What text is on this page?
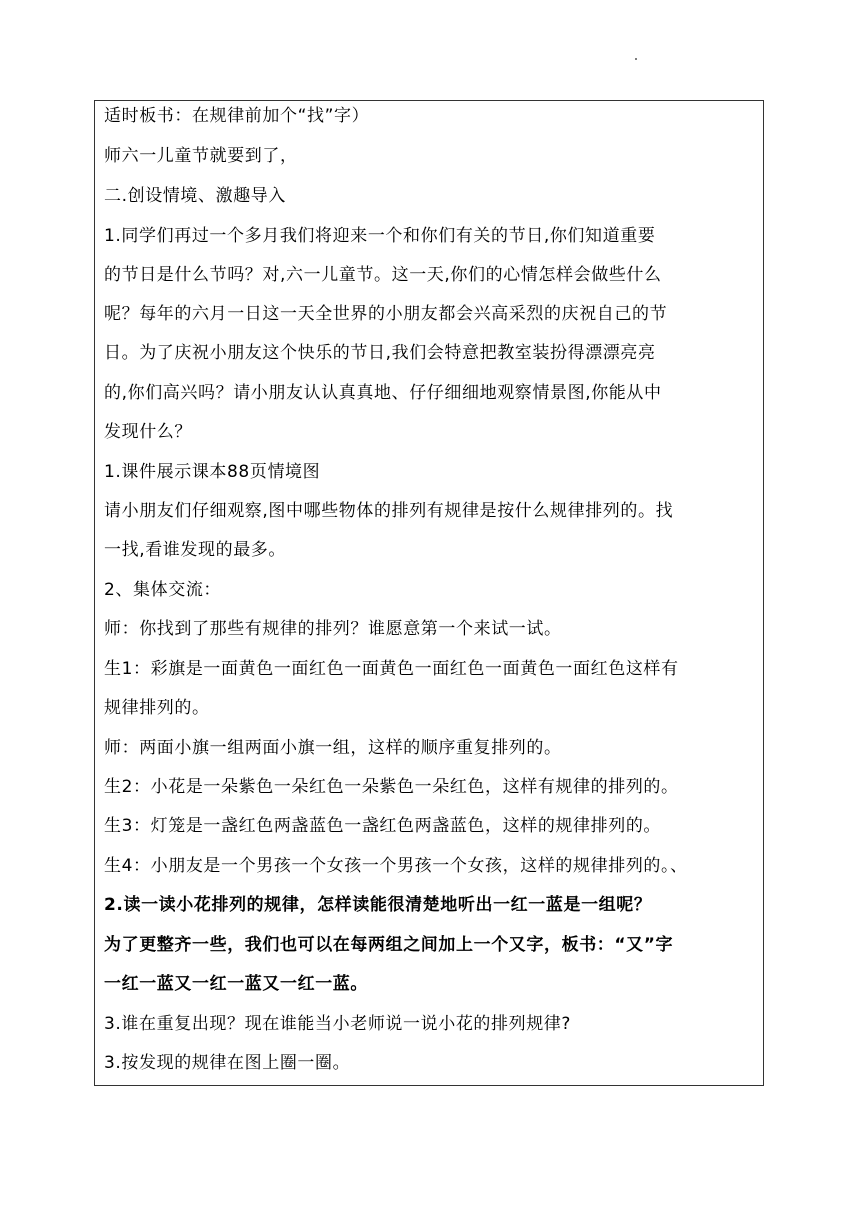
适时板书：在规律前加个“找”字）
师六一儿童节就要到了，
二.创设情境、激趣导入
1.同学们再过一个多月我们将迎来一个和你们有关的节日,你们知道重要
的节日是什么节吗？对,六一儿童节。这一天,你们的心情怎样会做些什么
呢？每年的六月一日这一天全世界的小朋友都会兴高采烈的庆祝自己的节
日。为了庆祝小朋友这个快乐的节日,我们会特意把教室装扮得漂漂亮亮
的,你们高兴吗？请小朋友认认真真地、仔仔细细地观察情景图,你能从中
发现什么？
1.课件展示课本88页情境图
请小朋友们仔细观察,图中哪些物体的排列有规律是按什么规律排列的。找
一找,看谁发现的最多。
2、集体交流：
师：你找到了那些有规律的排列？谁愿意第一个来试一试。
生1：彩旗是一面黄色一面红色一面黄色一面红色一面黄色一面红色这样有
规律排列的。
师：两面小旗一组两面小旗一组，这样的顺序重复排列的。
生2：小花是一朵紫色一朵红色一朵紫色一朵红色，这样有规律的排列的。
生3：灯笼是一盏红色两盏蓝色一盏红色两盏蓝色，这样的规律排列的。
生4：小朋友是一个男孩一个女孩一个男孩一个女孩，这样的规律排列的。、
2.读一读小花排列的规律，怎样读能很清楚地听出一红一蓝是一组呢？
为了更整齐一些，我们也可以在每两组之间加上一个又字，板书：“又”字
一红一蓝又一红一蓝又一红一蓝。
3.谁在重复出现？现在谁能当小老师说一说小花的排列规律?
3.按发现的规律在图上圈一圈。
